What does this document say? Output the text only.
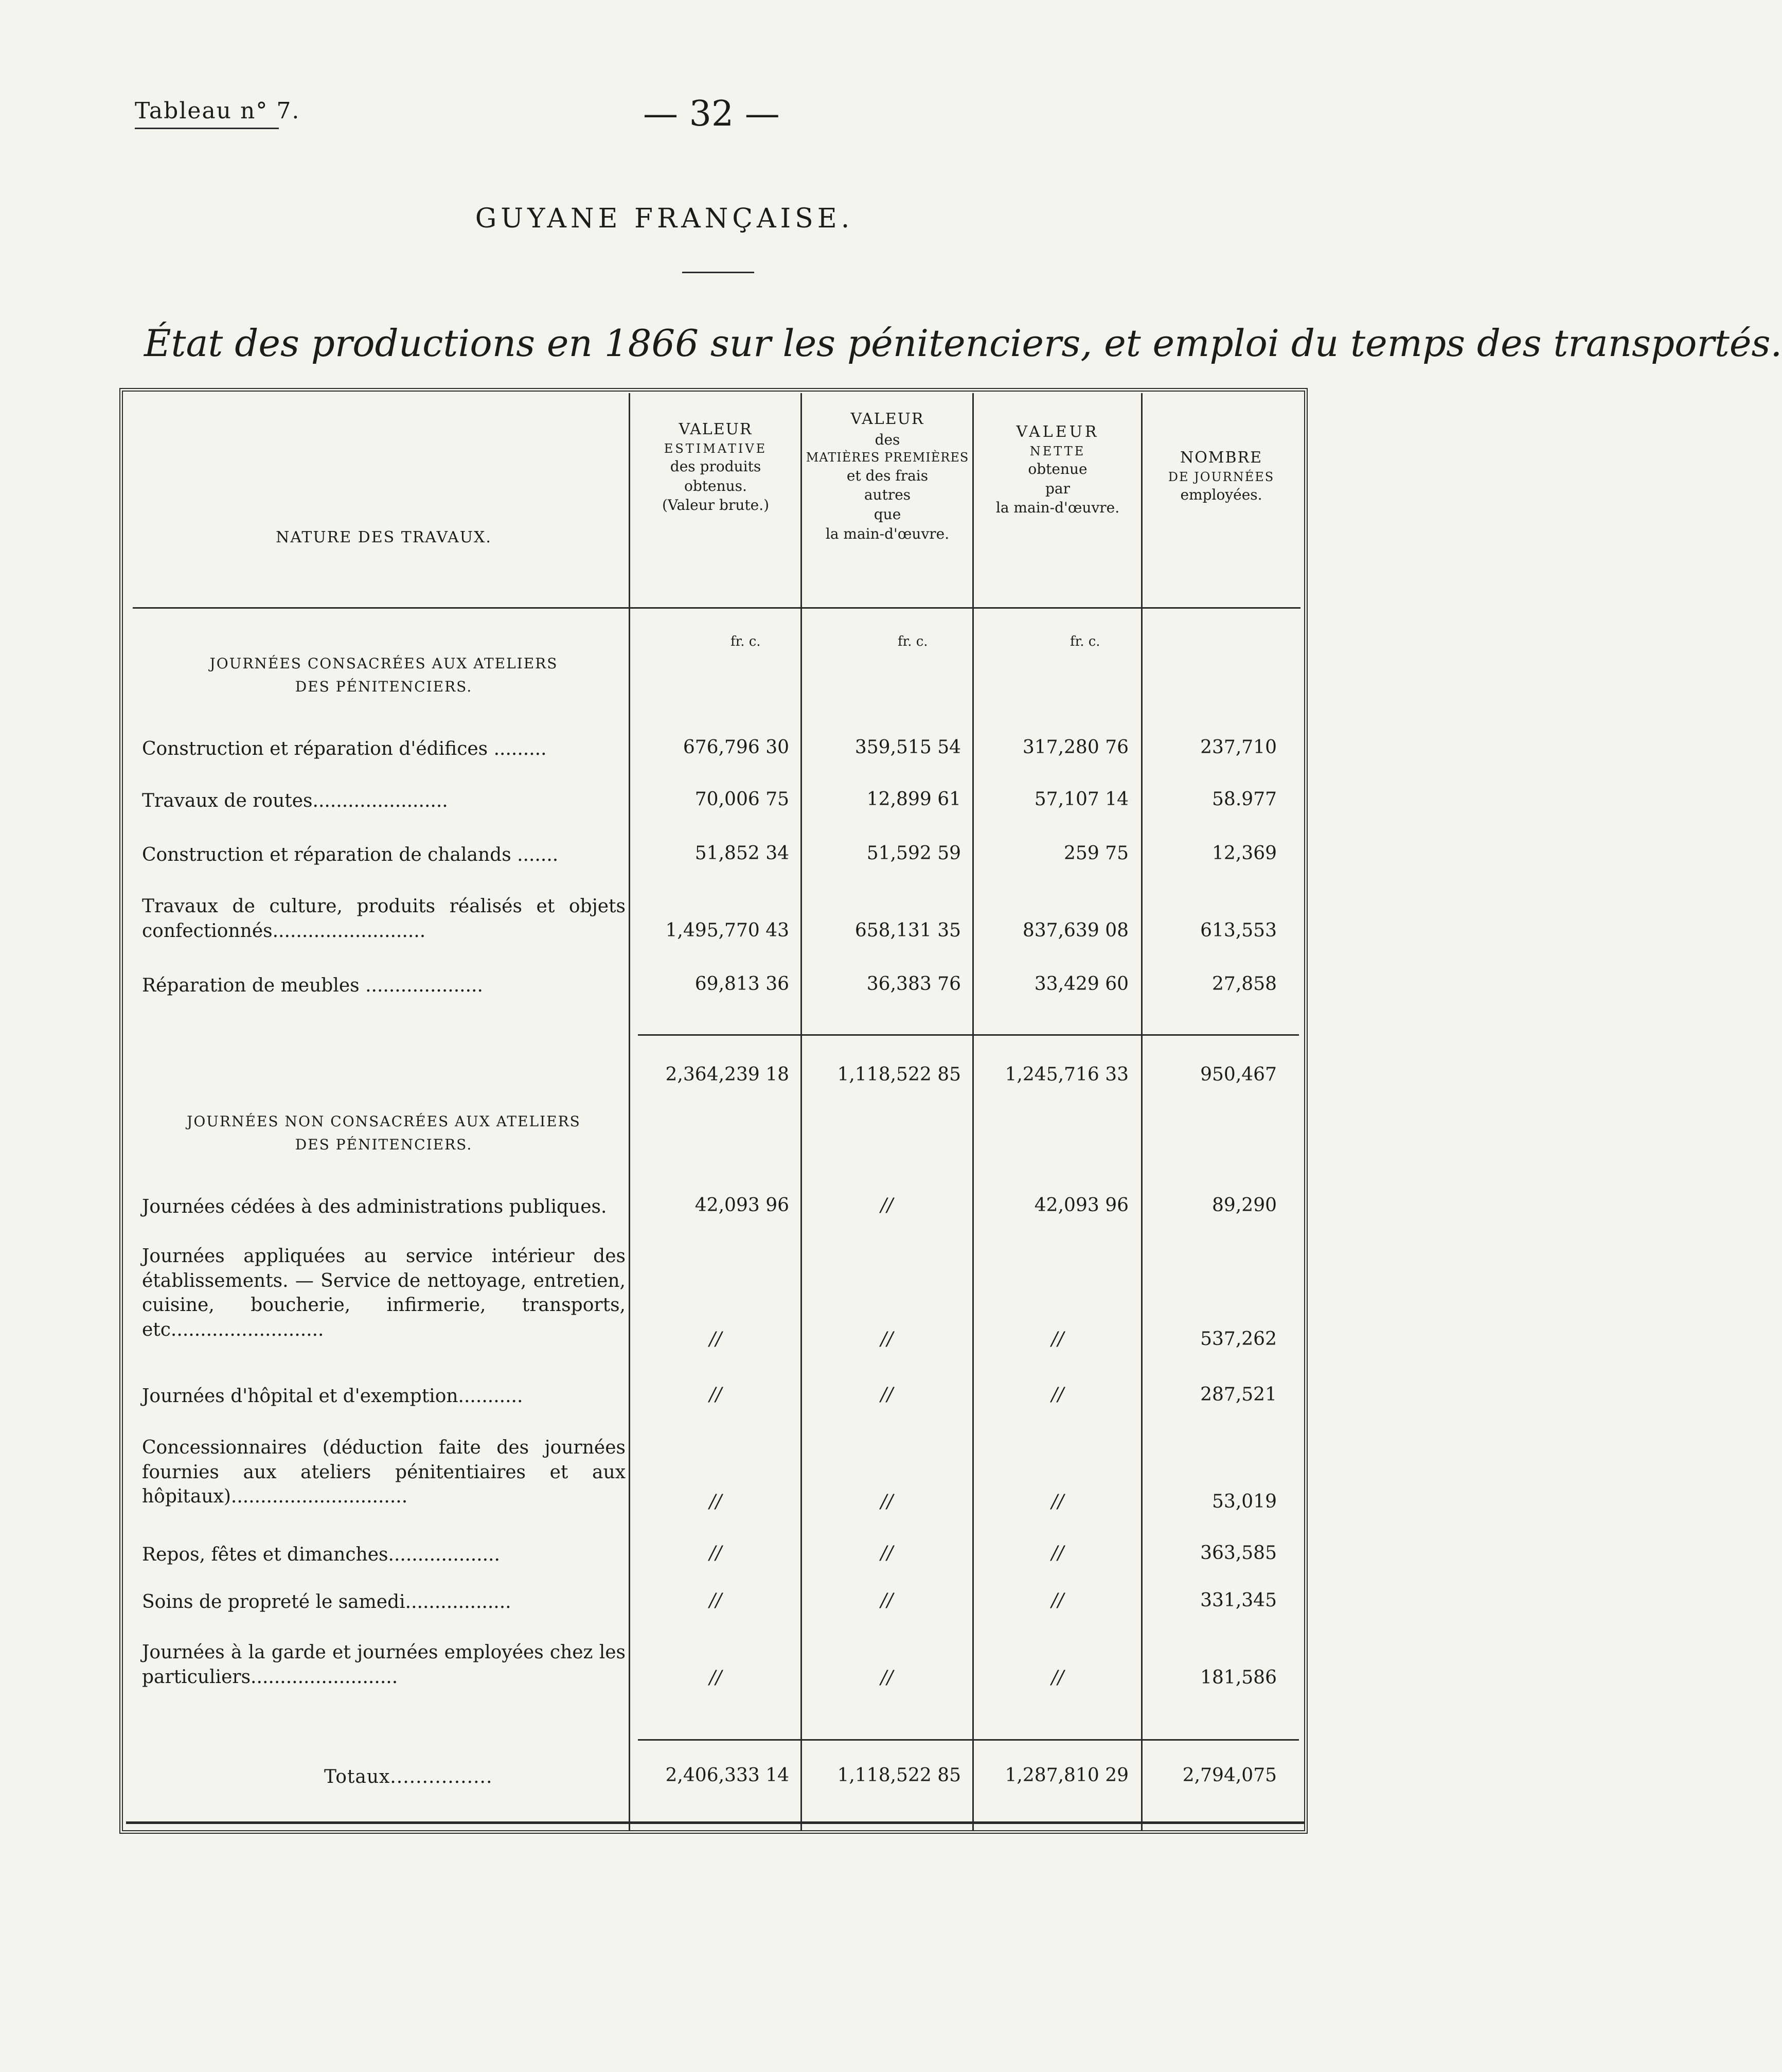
Tableau n° 7.	— 32 —
GUYANE FRANÇAISE.
État des productions en 1866 sur les pénitenciers, et emploi du temps des transportés.
NATURE DES TRAVAUX.
VALEUR
ESTIMATIVE
des produits
obtenus.
(Valeur brute.)
VALEUR
des
MATIÈRES PREMIÈRES
et des frais
autres
que
la main-d'œuvre.
VALEUR
NETTE
obtenue
par
la main-d'œuvre.
NOMBRE
DE JOURNÉES
employées.
fr. c.	fr. c.	fr. c.
JOURNÉES CONSACRÉES AUX ATELIERS
DES PÉNITENCIERS.
Construction et réparation d'édifices .........	676,796 30	359,515 54	317,280 76	237,710
Travaux de routes.......................	70,006 75	12,899 61	57,107 14	58.977
Construction et réparation de chalands .......	51,852 34	51,592 59	259 75	12,369
Travaux de culture, produits réalisés et objets confectionnés..........................	1,495,770 43	658,131 35	837,639 08	613,553
Réparation de meubles ....................	69,813 36	36,383 76	33,429 60	27,858
2,364,239 18	1,118,522 85	1,245,716 33	950,467
JOURNÉES NON CONSACRÉES AUX ATELIERS
DES PÉNITENCIERS.
Journées cédées à des administrations publiques.	42,093 96	//	42,093 96	89,290
Journées appliquées au service intérieur des établissements. — Service de nettoyage, entretien, cuisine, boucherie, infirmerie, transports, etc..........................	//	//	//	537,262
Journées d'hôpital et d'exemption...........	//	//	//	287,521
Concessionnaires (déduction faite des journées fournies aux ateliers pénitentiaires et aux hôpitaux)..............................	//	//	//	53,019
Repos, fêtes et dimanches...................	//	//	//	363,585
Soins de propreté le samedi..................	//	//	//	331,345
Journées à la garde et journées employées chez les particuliers.........................	//	//	//	181,586
Totaux................	2,406,333 14	1,118,522 85	1,287,810 29	2,794,075
